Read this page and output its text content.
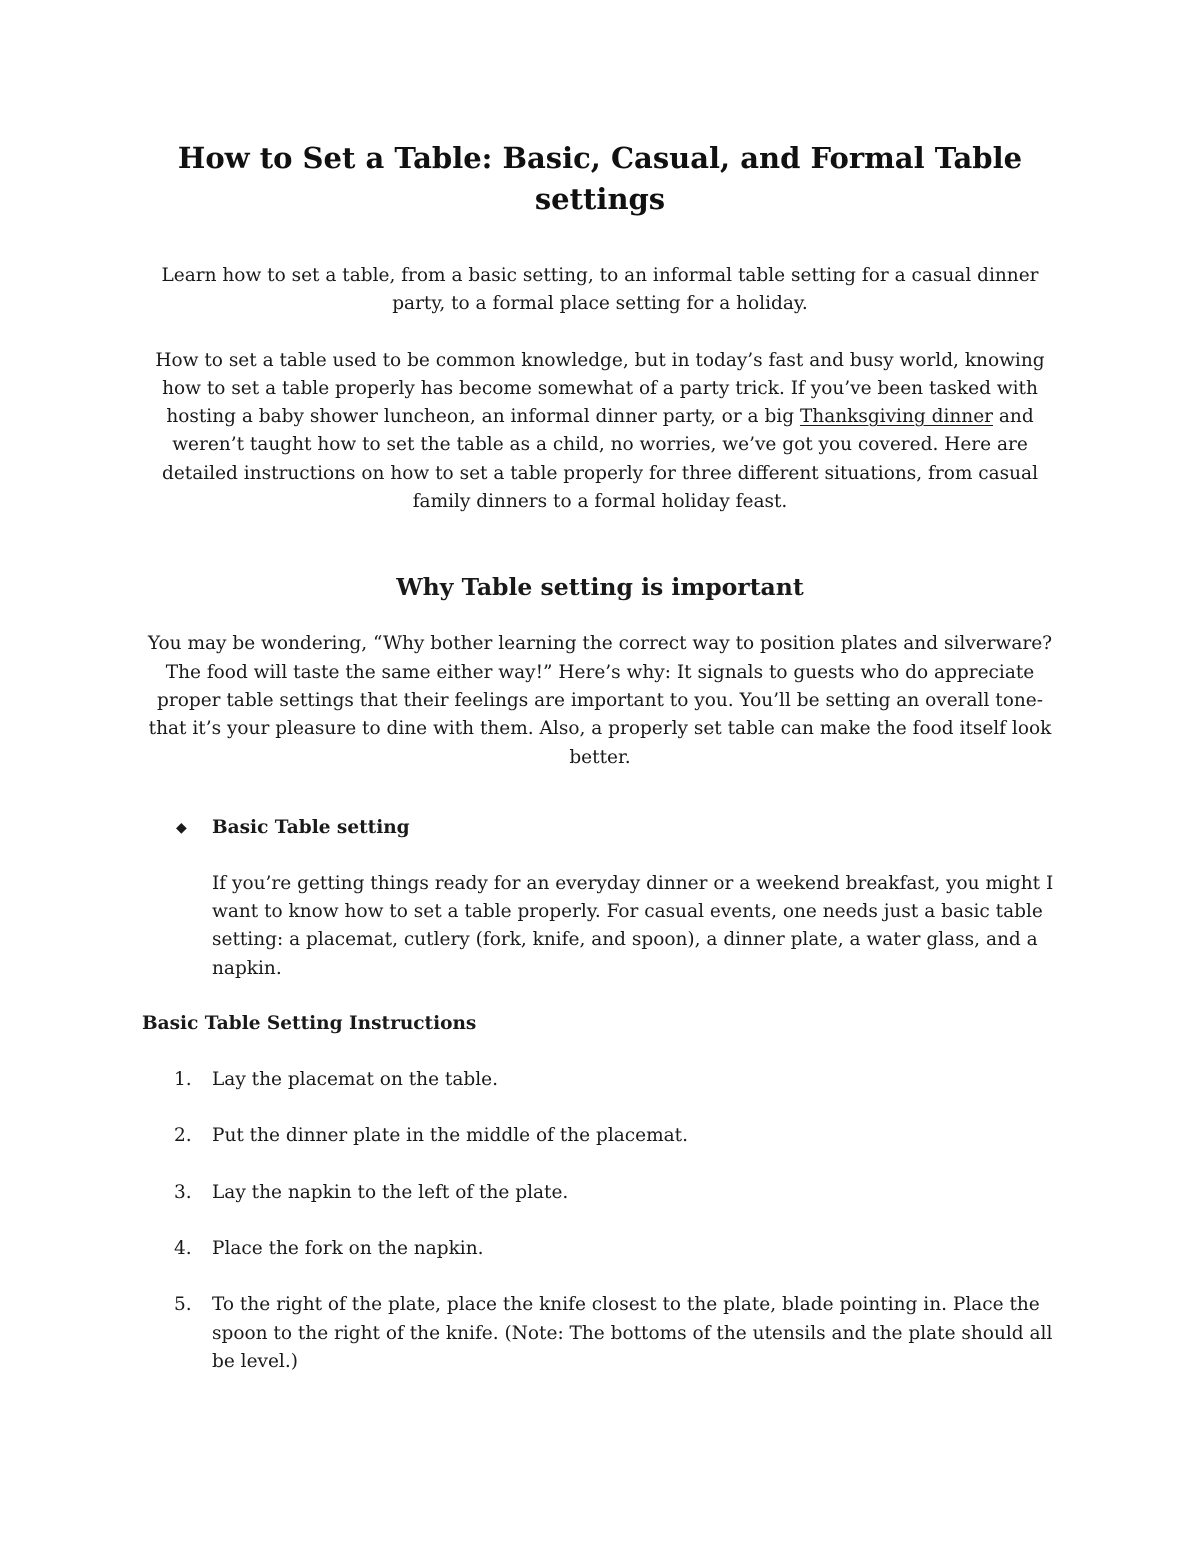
How to Set a Table: Basic, Casual, and Formal Table settings

Learn how to set a table, from a basic setting, to an informal table setting for a casual dinner party, to a formal place setting for a holiday.

How to set a table used to be common knowledge, but in today’s fast and busy world, knowing how to set a table properly has become somewhat of a party trick. If you’ve been tasked with hosting a baby shower luncheon, an informal dinner party, or a big Thanksgiving dinner and weren’t taught how to set the table as a child, no worries, we’ve got you covered. Here are detailed instructions on how to set a table properly for three different situations, from casual family dinners to a formal holiday feast.

Why Table setting is important

You may be wondering, “Why bother learning the correct way to position plates and silverware? The food will taste the same either way!” Here’s why: It signals to guests who do appreciate proper table settings that their feelings are important to you. You’ll be setting an overall tone-that it’s your pleasure to dine with them. Also, a properly set table can make the food itself look better.

◆ Basic Table setting

If you’re getting things ready for an everyday dinner or a weekend breakfast, you might I want to know how to set a table properly. For casual events, one needs just a basic table setting: a placemat, cutlery (fork, knife, and spoon), a dinner plate, a water glass, and a napkin.

Basic Table Setting Instructions
1. Lay the placemat on the table.
2. Put the dinner plate in the middle of the placemat.
3. Lay the napkin to the left of the plate.
4. Place the fork on the napkin.
5. To the right of the plate, place the knife closest to the plate, blade pointing in. Place the spoon to the right of the knife. (Note: The bottoms of the utensils and the plate should all be level.)
